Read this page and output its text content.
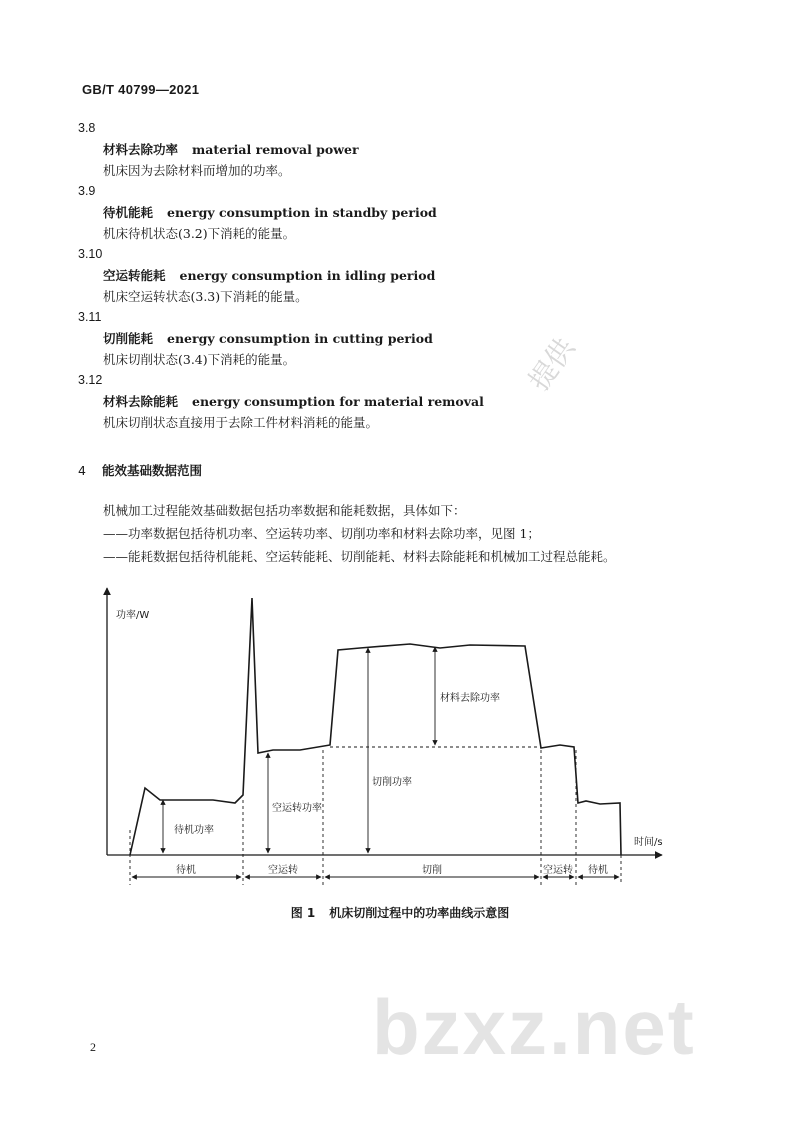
GB/T 40799—2021
3.8
材料去除功率 material removal power
机床因为去除材料而增加的功率。
3.9
待机能耗 energy consumption in standby period
机床待机状态(3.2)下消耗的能量。
3.10
空运转能耗 energy consumption in idling period
机床空运转状态(3.3)下消耗的能量。
3.11
切削能耗 energy consumption in cutting period
机床切削状态(3.4)下消耗的能量。
3.12
材料去除能耗 energy consumption for material removal
机床切削状态直接用于去除工件材料消耗的能量。
提供
4 能效基础数据范围
机械加工过程能效基础数据包括功率数据和能耗数据，具体如下：
——功率数据包括待机功率、空运转功率、切削功率和材料去除功率，见图 1；
——能耗数据包括待机能耗、空运转能耗、切削能耗、材料去除能耗和机械加工过程总能耗。
功率/W
时间/s
待机功率
空运转功率
切削功率
材料去除功率
待机	空运转	切削	空运转 待机
图 1 机床切削过程中的功率曲线示意图
bzxz.net
2
